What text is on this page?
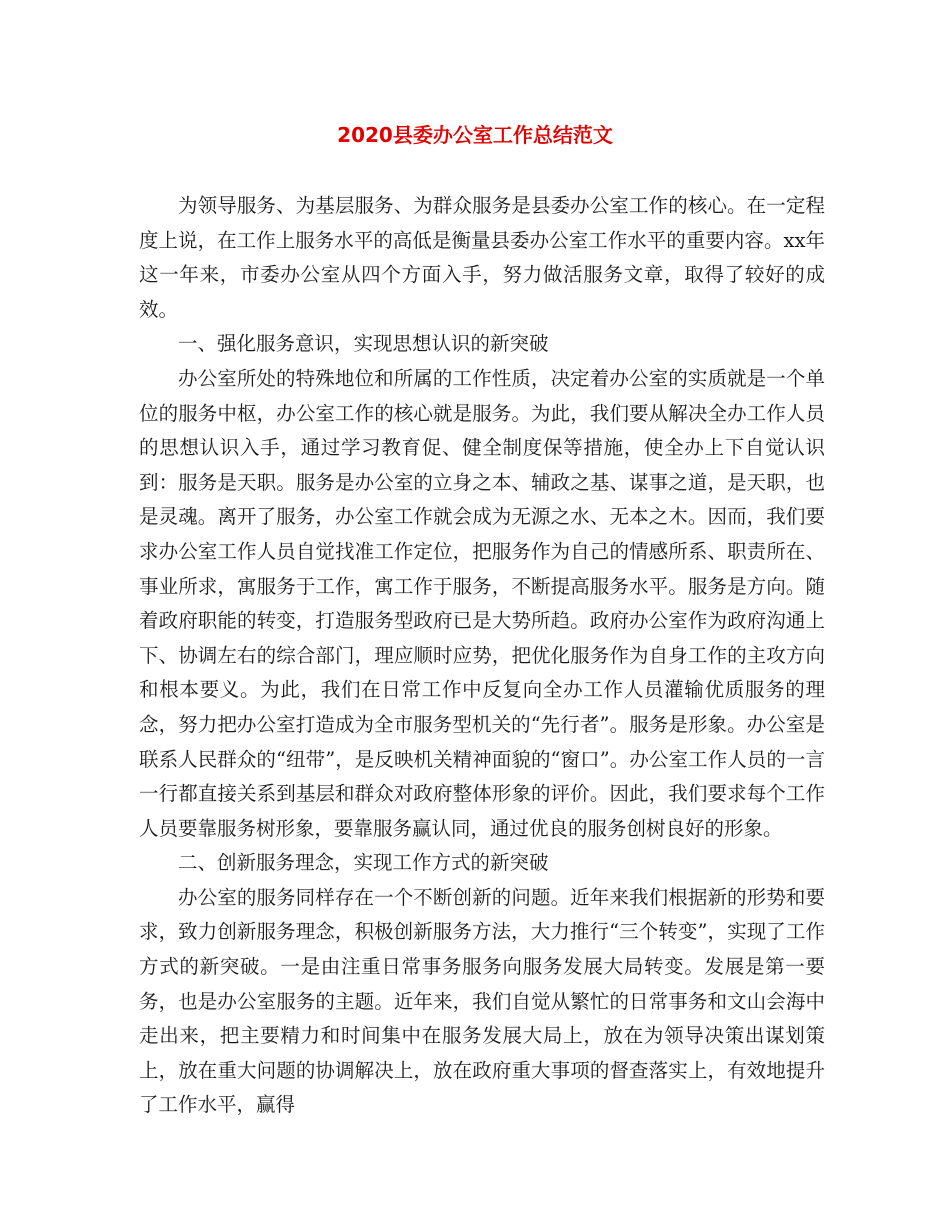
2020县委办公室工作总结范文

为领导服务、为基层服务、为群众服务是县委办公室工作的核心。在一定程度上说，在工作上服务水平的高低是衡量县委办公室工作水平的重要内容。xx年这一年来，市委办公室从四个方面入手，努力做活服务文章，取得了较好的成效。

一、强化服务意识，实现思想认识的新突破

办公室所处的特殊地位和所属的工作性质，决定着办公室的实质就是一个单位的服务中枢，办公室工作的核心就是服务。为此，我们要从解决全办工作人员的思想认识入手，通过学习教育促、健全制度保等措施，使全办上下自觉认识到：服务是天职。服务是办公室的立身之本、辅政之基、谋事之道，是天职，也是灵魂。离开了服务，办公室工作就会成为无源之水、无本之木。因而，我们要求办公室工作人员自觉找准工作定位，把服务作为自己的情感所系、职责所在、事业所求，寓服务于工作，寓工作于服务，不断提高服务水平。服务是方向。随着政府职能的转变，打造服务型政府已是大势所趋。政府办公室作为政府沟通上下、协调左右的综合部门，理应顺时应势，把优化服务作为自身工作的主攻方向和根本要义。为此，我们在日常工作中反复向全办工作人员灌输优质服务的理念，努力把办公室打造成为全市服务型机关的“先行者”。服务是形象。办公室是联系人民群众的“纽带”，是反映机关精神面貌的“窗口”。办公室工作人员的一言一行都直接关系到基层和群众对政府整体形象的评价。因此，我们要求每个工作人员要靠服务树形象，要靠服务赢认同，通过优良的服务创树良好的形象。

二、创新服务理念，实现工作方式的新突破

办公室的服务同样存在一个不断创新的问题。近年来我们根据新的形势和要求，致力创新服务理念，积极创新服务方法，大力推行“三个转变”，实现了工作方式的新突破。一是由注重日常事务服务向服务发展大局转变。发展是第一要务，也是办公室服务的主题。近年来，我们自觉从繁忙的日常事务和文山会海中走出来，把主要精力和时间集中在服务发展大局上，放在为领导决策出谋划策上，放在重大问题的协调解决上，放在政府重大事项的督查落实上，有效地提升了工作水平，赢得
